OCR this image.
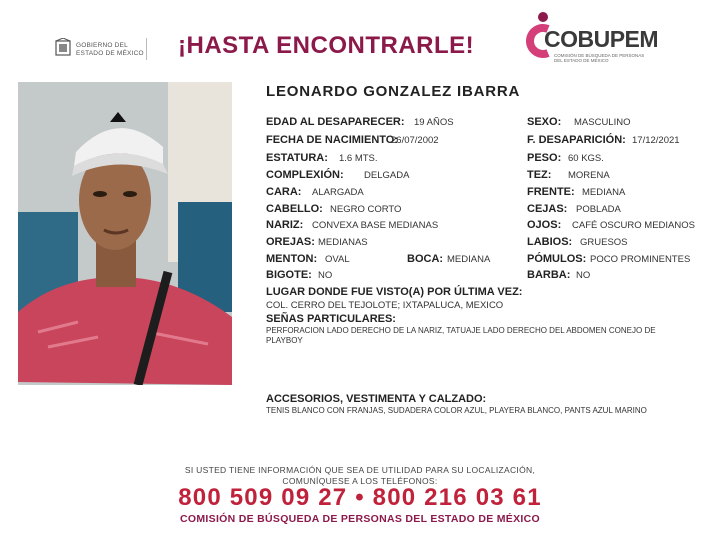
GOBIERNO DEL
ESTADO DE MÉXICO ¡HASTA ENCONTRARLE!	COBUPEM
COMISIÓN DE BÚSQUEDA DE PERSONAS DEL ESTADO DE MÉXICO
LEONARDO GONZALEZ IBARRA
EDAD AL DESAPARECER: 19 AÑOS
FECHA DE NACIMIENTO:
26/07/2002
ESTATURA: 1.6 MTS.
COMPLEXIÓN: DELGADA
CARA: ALARGADA
CABELLO: NEGRO CORTO
NARIZ: CONVEXA BASE MEDIANAS
OREJAS: MEDIANAS
MENTON: OVAL	BOCA: MEDIANA
BIGOTE: NO
SEXO: MASCULINO
F. DESAPARICIÓN: 17/12/2021
PESO: 60 KGS.
TEZ: MORENA
FRENTE: MEDIANA
CEJAS: POBLADA
OJOS: CAFÉ OSCURO MEDIANOS
LABIOS: GRUESOS
PÓMULOS: POCO PROMINENTES
BARBA: NO
LUGAR DONDE FUE VISTO(A) POR ÚLTIMA VEZ:
COL. CERRO DEL TEJOLOTE; IXTAPALUCA, MEXICO
SEÑAS PARTICULARES:
PERFORACION LADO DERECHO DE LA NARIZ, TATUAJE LADO DERECHO DEL ABDOMEN CONEJO DE PLAYBOY
ACCESORIOS, VESTIMENTA Y CALZADO:
TENIS BLANCO CON FRANJAS, SUDADERA COLOR AZUL, PLAYERA BLANCO, PANTS AZUL MARINO
SI USTED TIENE INFORMACIÓN QUE SEA DE UTILIDAD PARA SU LOCALIZACIÓN,
COMUNÍQUESE A LOS TELÉFONOS:
800 509 09 27 • 800 216 03 61
COMISIÓN DE BÚSQUEDA DE PERSONAS DEL ESTADO DE MÉXICO
